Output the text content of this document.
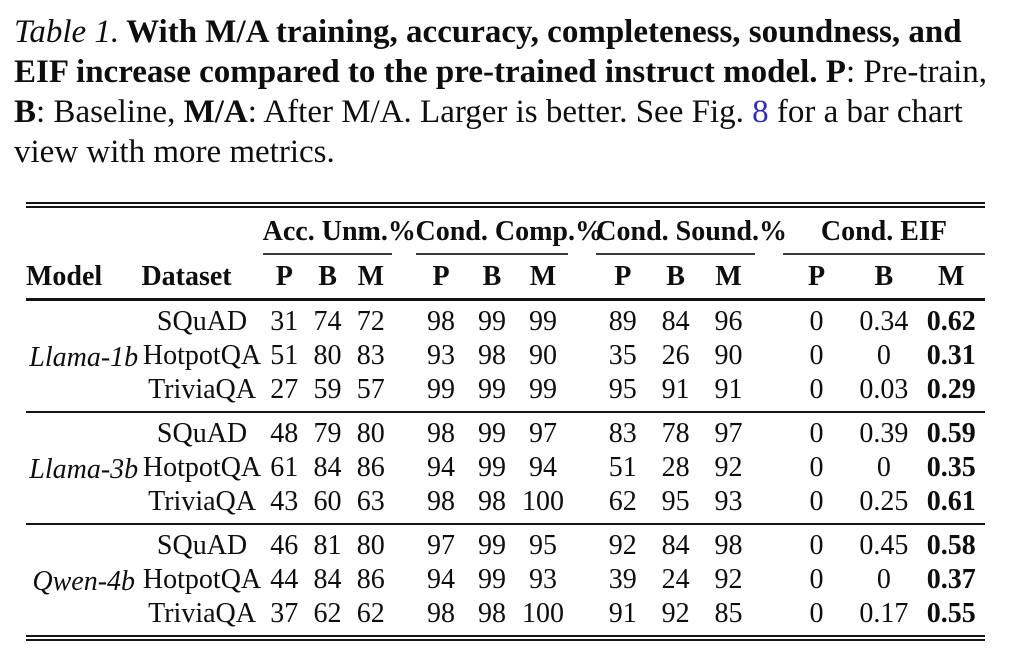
Table 1. With M/A training, accuracy, completeness, soundness, and EIF increase compared to the pre-trained instruct model. P: Pre-train, B: Baseline, M/A: After M/A. Larger is better. See Fig. 8 for a bar chart view with more metrics.

		Acc. Unm.%				Cond. Comp.%				Cond. Sound.%				Cond. EIF		
Model	Dataset	P	B	M		P	B	M		P	B	M		P	B	M
Llama-1b	SQuAD	31	74	72		98	99	99		89	84	96		0	0.34	0.62
	HotpotQA	51	80	83		93	98	90		35	26	90		0	0	0.31
	TriviaQA	27	59	57		99	99	99		95	91	91		0	0.03	0.29
Llama-3b	SQuAD	48	79	80		98	99	97		83	78	97		0	0.39	0.59
	HotpotQA	61	84	86		94	99	94		51	28	92		0	0	0.35
	TriviaQA	43	60	63		98	98	100		62	95	93		0	0.25	0.61
Qwen-4b	SQuAD	46	81	80		97	99	95		92	84	98		0	0.45	0.58
	HotpotQA	44	84	86		94	99	93		39	24	92		0	0	0.37
	TriviaQA	37	62	62		98	98	100		91	92	85		0	0.17	0.55
